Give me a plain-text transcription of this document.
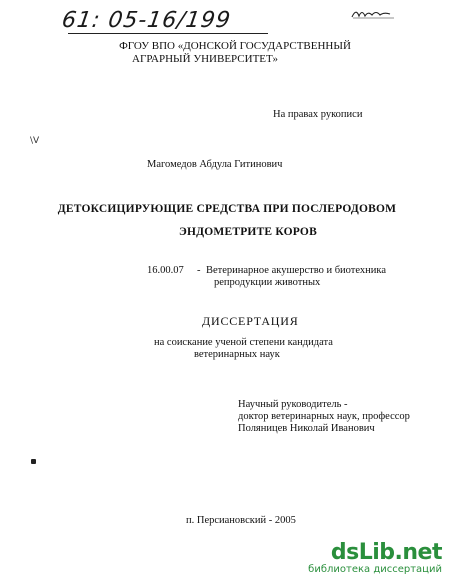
61: 05-16/199
ФГОУ ВПО «ДОНСКОЙ ГОСУДАРСТВЕННЫЙ
АГРАРНЫЙ УНИВЕРСИТЕТ»
На правах рукописи
\V
Магомедов Абдула Гитинович
ДЕТОКСИЦИРУЮЩИЕ СРЕДСТВА ПРИ ПОСЛЕРОДОВОМ
ЭНДОМЕТРИТЕ КОРОВ
16.00.07 - Ветеринарное акушерство и биотехника
репродукции животных
ДИССЕРТАЦИЯ
на соискание ученой степени кандидата
ветеринарных наук
Научный руководитель -
доктор ветеринарных наук, профессор
Поляницев Николай Иванович
п. Персиановский - 2005
dsLib.net
библиотека диссертаций
